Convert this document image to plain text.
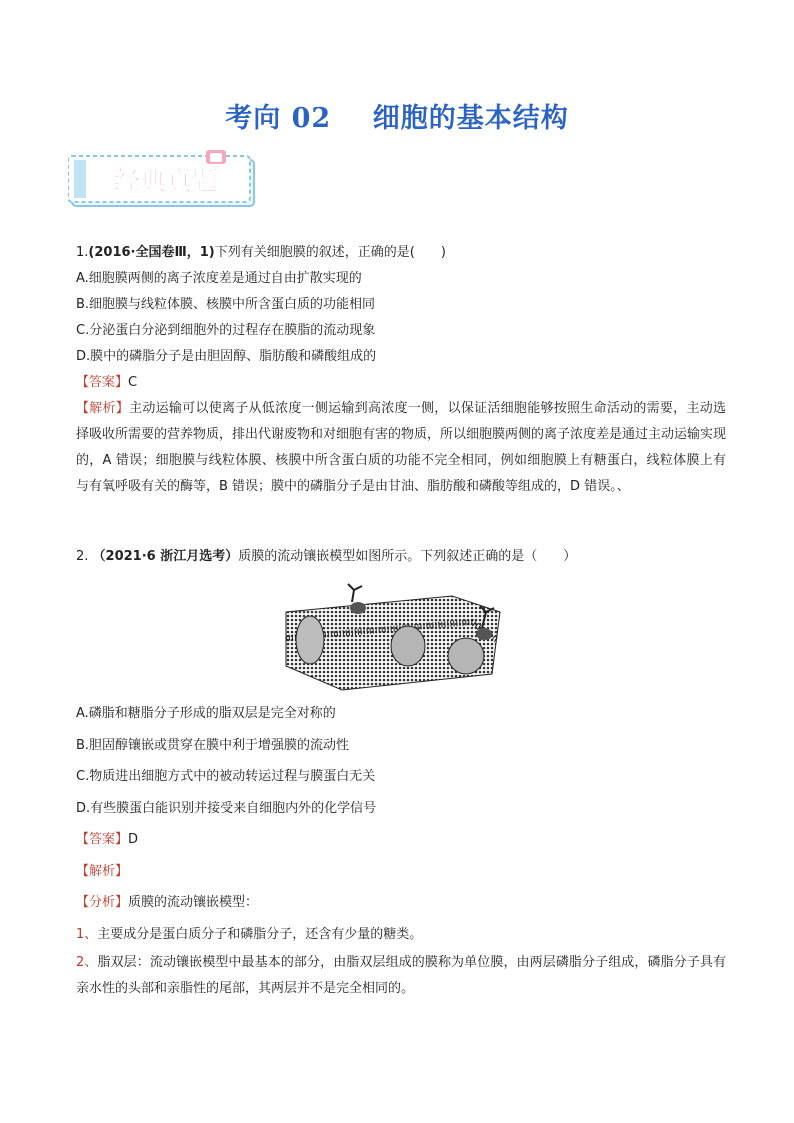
考向 02    细胞的基本结构
经典真题
1.(2016·全国卷Ⅲ，1)下列有关细胞膜的叙述，正确的是(　　)
A.细胞膜两侧的离子浓度差是通过自由扩散实现的
B.细胞膜与线粒体膜、核膜中所含蛋白质的功能相同
C.分泌蛋白分泌到细胞外的过程存在膜脂的流动现象
D.膜中的磷脂分子是由胆固醇、脂肪酸和磷酸组成的
【答案】C
【解析】主动运输可以使离子从低浓度一侧运输到高浓度一侧，以保证活细胞能够按照生命活动的需要，主动选择吸收所需要的营养物质，排出代谢废物和对细胞有害的物质，所以细胞膜两侧的离子浓度差是通过主动运输实现的，A 错误；细胞膜与线粒体膜、核膜中所含蛋白质的功能不完全相同，例如细胞膜上有糖蛋白，线粒体膜上有与有氧呼吸有关的酶等，B 错误；膜中的磷脂分子是由甘油、脂肪酸和磷酸等组成的，D 错误。、
2. （2021·6 浙江月选考）质膜的流动镶嵌模型如图所示。下列叙述正确的是（　　）
A.磷脂和糖脂分子形成的脂双层是完全对称的
B.胆固醇镶嵌或贯穿在膜中利于增强膜的流动性
C.物质进出细胞方式中的被动转运过程与膜蛋白无关
D.有些膜蛋白能识别并接受来自细胞内外的化学信号
【答案】D
【解析】
【分析】质膜的流动镶嵌模型：
1、主要成分是蛋白质分子和磷脂分子，还含有少量的糖类。
2、脂双层：流动镶嵌模型中最基本的部分，由脂双层组成的膜称为单位膜，由两层磷脂分子组成，磷脂分子具有亲水性的头部和亲脂性的尾部，其两层并不是完全相同的。
